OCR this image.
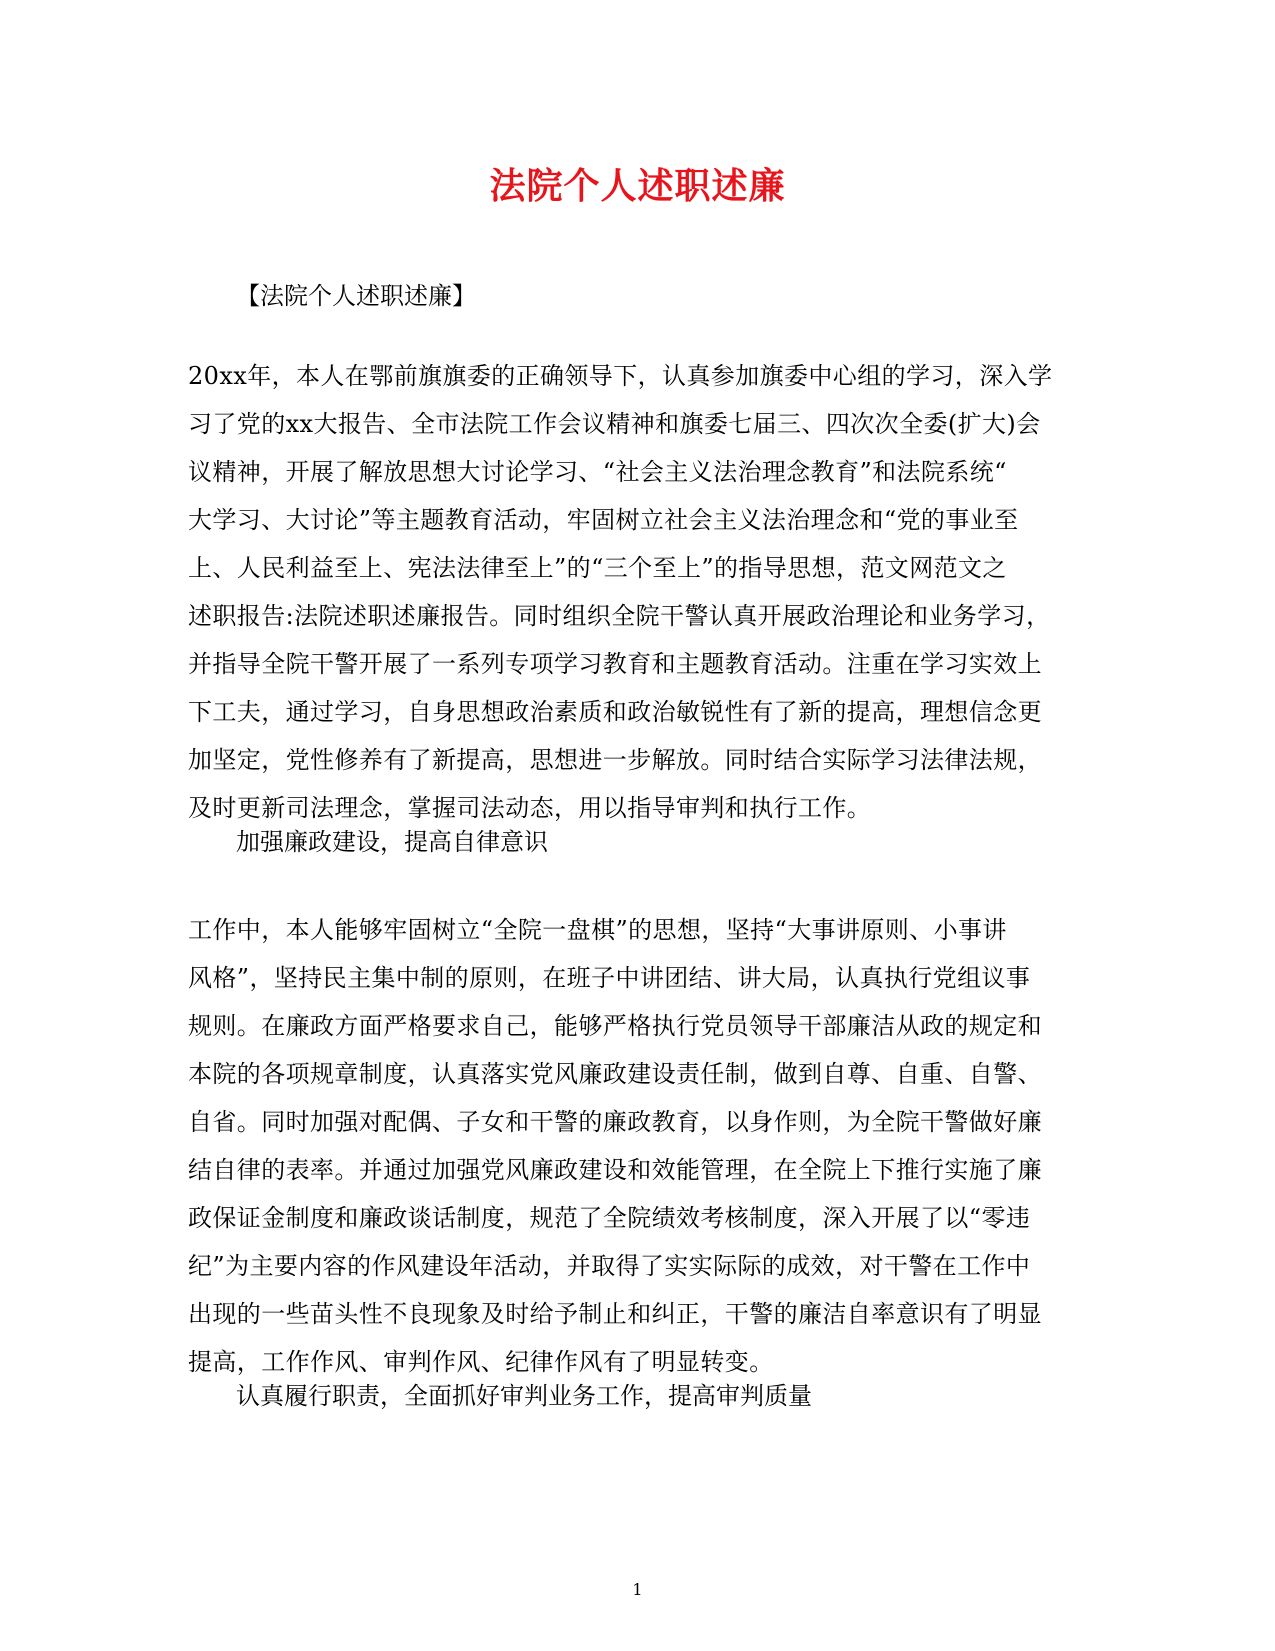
法院个人述职述廉
【法院个人述职述廉】
20xx年，本人在鄂前旗旗委的正确领导下，认真参加旗委中心组的学习，深入学
习了党的xx大报告、全市法院工作会议精神和旗委七届三、四次次全委(扩大)会
议精神，开展了解放思想大讨论学习、“社会主义法治理念教育”和法院系统“
大学习、大讨论”等主题教育活动，牢固树立社会主义法治理念和“党的事业至
上、人民利益至上、宪法法律至上”的“三个至上”的指导思想，范文网范文之
述职报告:法院述职述廉报告。同时组织全院干警认真开展政治理论和业务学习，
并指导全院干警开展了一系列专项学习教育和主题教育活动。注重在学习实效上
下工夫，通过学习，自身思想政治素质和政治敏锐性有了新的提高，理想信念更
加坚定，党性修养有了新提高，思想进一步解放。同时结合实际学习法律法规，
及时更新司法理念，掌握司法动态，用以指导审判和执行工作。
加强廉政建设，提高自律意识
工作中，本人能够牢固树立“全院一盘棋”的思想，坚持“大事讲原则、小事讲
风格”，坚持民主集中制的原则，在班子中讲团结、讲大局，认真执行党组议事
规则。在廉政方面严格要求自己，能够严格执行党员领导干部廉洁从政的规定和
本院的各项规章制度，认真落实党风廉政建设责任制，做到自尊、自重、自警、
自省。同时加强对配偶、子女和干警的廉政教育，以身作则，为全院干警做好廉
结自律的表率。并通过加强党风廉政建设和效能管理，在全院上下推行实施了廉
政保证金制度和廉政谈话制度，规范了全院绩效考核制度，深入开展了以“零违
纪”为主要内容的作风建设年活动，并取得了实实际际的成效，对干警在工作中
出现的一些苗头性不良现象及时给予制止和纠正，干警的廉洁自率意识有了明显
提高，工作作风、审判作风、纪律作风有了明显转变。
认真履行职责，全面抓好审判业务工作，提高审判质量
1
